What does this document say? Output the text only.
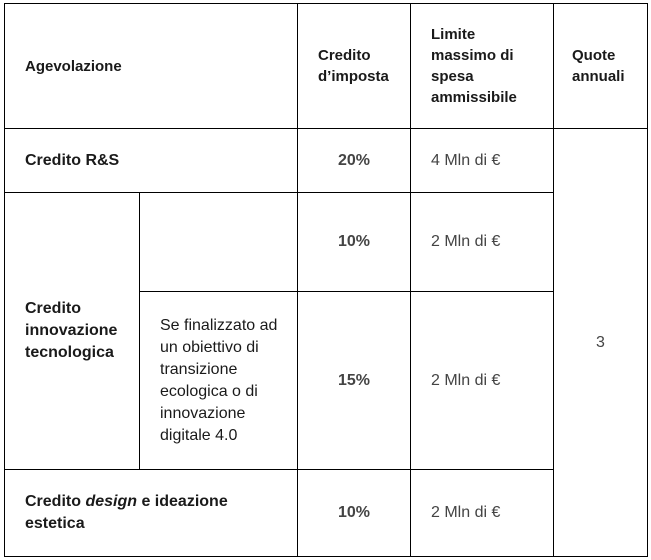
Agevolazione		Credito d’imposta	Limite massimo di spesa ammissibile	Quote annuali
Credito R&S		20%	4 Mln di €	3
Credito innovazione tecnologica		10%	2 Mln di €	
	Se finalizzato ad un obiettivo di transizione ecologica o di innovazione digitale 4.0	15%	2 Mln di €	
Credito design e ideazione estetica		10%	2 Mln di €	
